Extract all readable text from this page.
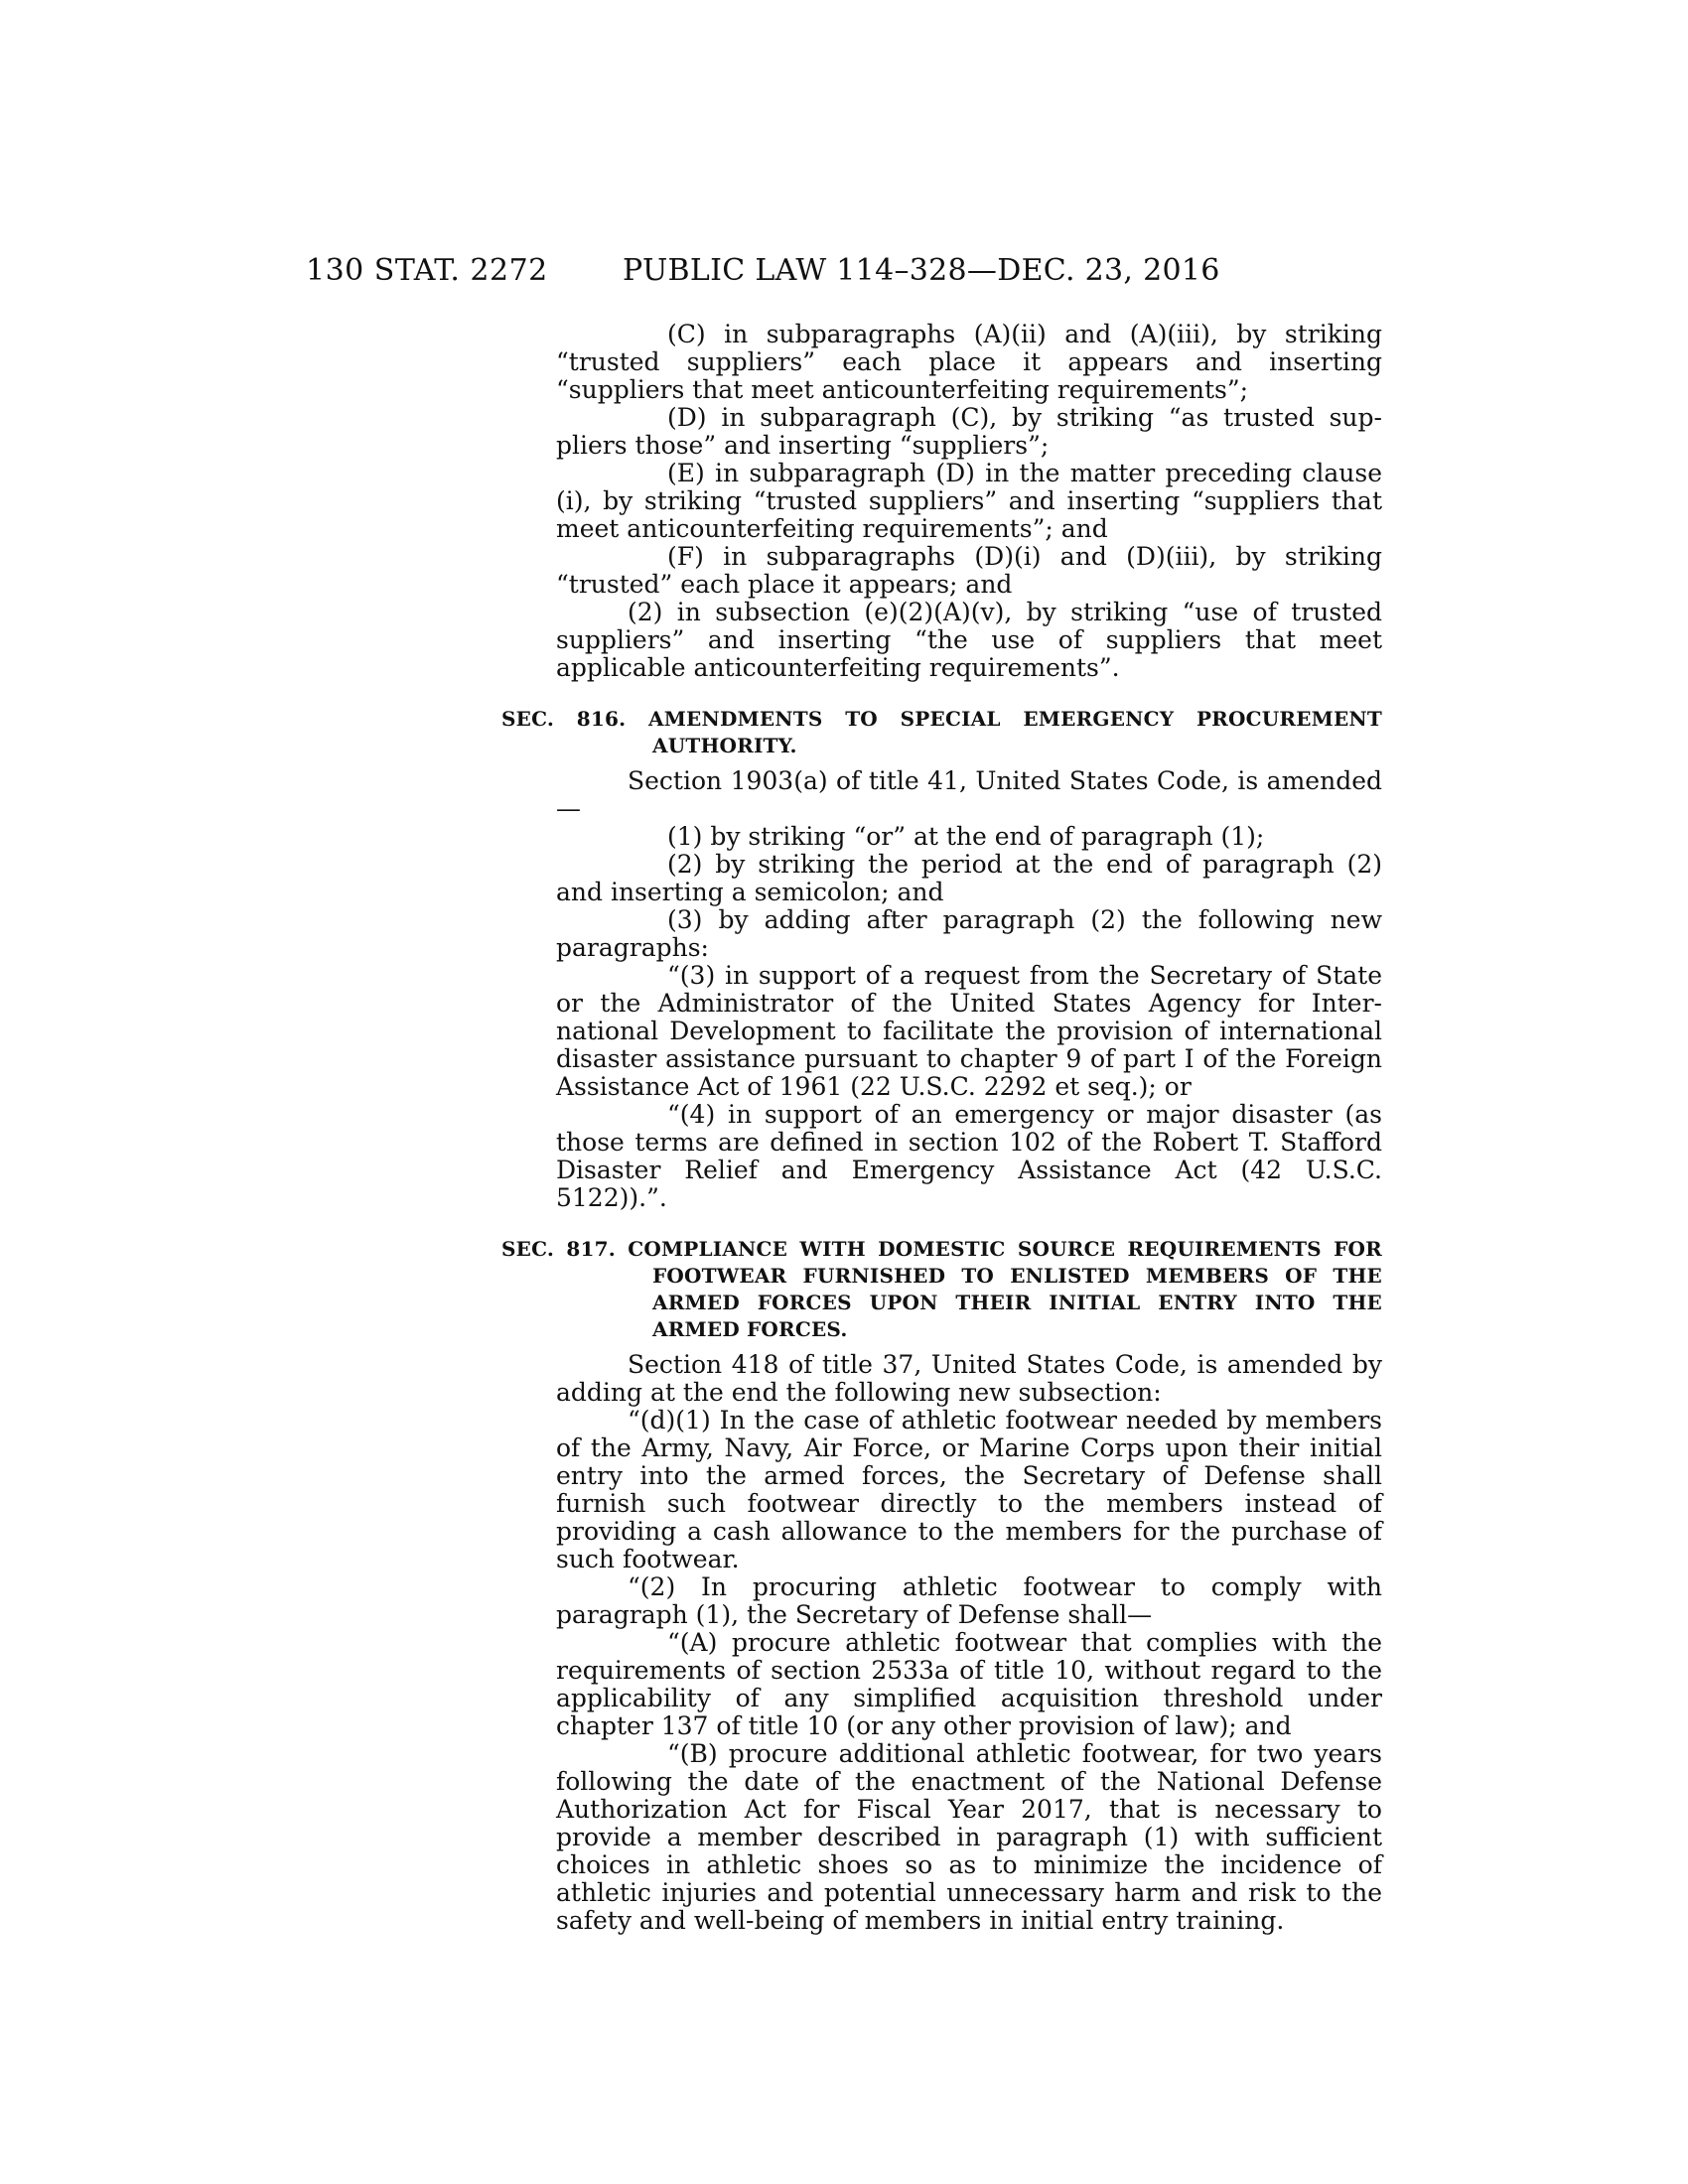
130 STAT. 2272	PUBLIC LAW 114–328—DEC. 23, 2016

(C) in subparagraphs (A)(ii) and (A)(iii), by striking “trusted suppliers” each place it appears and inserting “suppliers that meet anticounterfeiting requirements”;

(D) in subparagraph (C), by striking “as trusted suppliers those” and inserting “suppliers”;

(E) in subparagraph (D) in the matter preceding clause (i), by striking “trusted suppliers” and inserting “suppliers that meet anticounterfeiting requirements”; and

(F) in subparagraphs (D)(i) and (D)(iii), by striking “trusted” each place it appears; and

(2) in subsection (e)(2)(A)(v), by striking “use of trusted suppliers” and inserting “the use of suppliers that meet applicable anticounterfeiting requirements”.

SEC. 816. AMENDMENTS TO SPECIAL EMERGENCY PROCUREMENT AUTHORITY.

Section 1903(a) of title 41, United States Code, is amended—

(1) by striking “or” at the end of paragraph (1);

(2) by striking the period at the end of paragraph (2) and inserting a semicolon; and

(3) by adding after paragraph (2) the following new paragraphs:

“(3) in support of a request from the Secretary of State or the Administrator of the United States Agency for International Development to facilitate the provision of international disaster assistance pursuant to chapter 9 of part I of the Foreign Assistance Act of 1961 (22 U.S.C. 2292 et seq.); or

“(4) in support of an emergency or major disaster (as those terms are defined in section 102 of the Robert T. Stafford Disaster Relief and Emergency Assistance Act (42 U.S.C. 5122)).”.

SEC. 817. COMPLIANCE WITH DOMESTIC SOURCE REQUIREMENTS FOR FOOTWEAR FURNISHED TO ENLISTED MEMBERS OF THE ARMED FORCES UPON THEIR INITIAL ENTRY INTO THE ARMED FORCES.

Section 418 of title 37, United States Code, is amended by adding at the end the following new subsection:

“(d)(1) In the case of athletic footwear needed by members of the Army, Navy, Air Force, or Marine Corps upon their initial entry into the armed forces, the Secretary of Defense shall furnish such footwear directly to the members instead of providing a cash allowance to the members for the purchase of such footwear.

“(2) In procuring athletic footwear to comply with paragraph (1), the Secretary of Defense shall—

“(A) procure athletic footwear that complies with the requirements of section 2533a of title 10, without regard to the applicability of any simplified acquisition threshold under chapter 137 of title 10 (or any other provision of law); and

“(B) procure additional athletic footwear, for two years following the date of the enactment of the National Defense Authorization Act for Fiscal Year 2017, that is necessary to provide a member described in paragraph (1) with sufficient choices in athletic shoes so as to minimize the incidence of athletic injuries and potential unnecessary harm and risk to the safety and well-being of members in initial entry training.
